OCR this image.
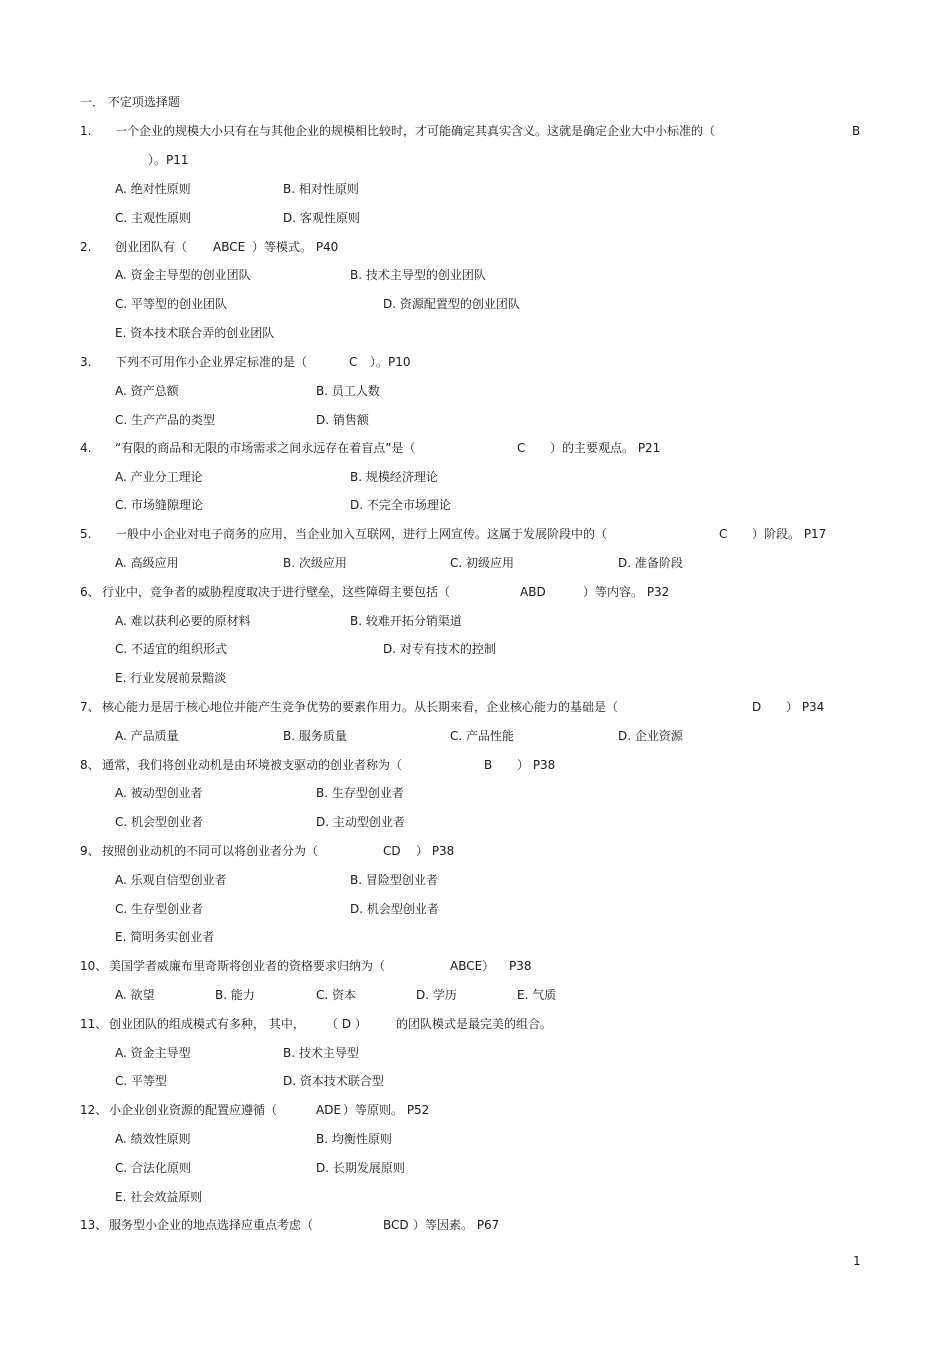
一． 不定项选择题
1. 一个企业的规模大小只有在与其他企业的规模相比较时，才可能确定其真实含义。这就是确定企业大中小标准的（	B
）。P11
A. 绝对性原则	B. 相对性原则
C. 主观性原则	D. 客观性原则
2. 创业团队有（ ABCE ）等模式。 P40
A. 资金主导型的创业团队	B. 技术主导型的创业团队
C. 平等型的创业团队	D. 资源配置型的创业团队
E. 资本技术联合弄的创业团队
3. 下列不可用作小企业界定标准的是（	C ）。P10
A. 资产总额	B. 员工人数
C. 生产产品的类型	D. 销售额
4. “有限的商品和无限的市场需求之间永远存在着盲点”是（	C ）的主要观点。 P21
A. 产业分工理论	B. 规模经济理论
C. 市场缝隙理论	D. 不完全市场理论
5. 一般中小企业对电子商务的应用，当企业加入互联网，进行上网宣传。这属于发展阶段中的（	C ）阶段。 P17
A. 高级应用	B. 次级应用	C. 初级应用	D. 准备阶段
6、 行业中，竞争者的威胁程度取决于进行壁垒，这些障碍主要包括（	ABD	）等内容。 P32
A. 难以获利必要的原材料	B. 较难开拓分销渠道
C. 不适宜的组织形式	D. 对专有技术的控制
E. 行业发展前景黯淡
7、 核心能力是居于核心地位并能产生竞争优势的要素作用力。从长期来看，企业核心能力的基础是（	D ） P34
A. 产品质量	B. 服务质量	C. 产品性能	D. 企业资源
8、 通常，我们将创业动机是由环境被支驱动的创业者称为（	B ） P38
A. 被动型创业者	B. 生存型创业者
C. 机会型创业者	D. 主动型创业者
9、 按照创业动机的不同可以将创业者分为（	CD ） P38
A. 乐观自信型创业者	B. 冒险型创业者
C. 生存型创业者	D. 机会型创业者
E. 简明务实创业者
10、 美国学者威廉布里奇斯将创业者的资格要求归纳为（	ABCE） P38
A. 欲望	B. 能力	C. 资本	D. 学历	E. 气质
11、 创业团队的组成模式有多种， 其中， （ D ） 的团队模式是最完美的组合。
A. 资金主导型	B. 技术主导型
C. 平等型	D. 资本技术联合型
12、 小企业创业资源的配置应遵循（	ADE ）等原则。 P52
A. 绩效性原则	B. 均衡性原则
C. 合法化原则	D. 长期发展原则
E. 社会效益原则
13、 服务型小企业的地点选择应重点考虑（	BCD ）等因素。 P67
1
